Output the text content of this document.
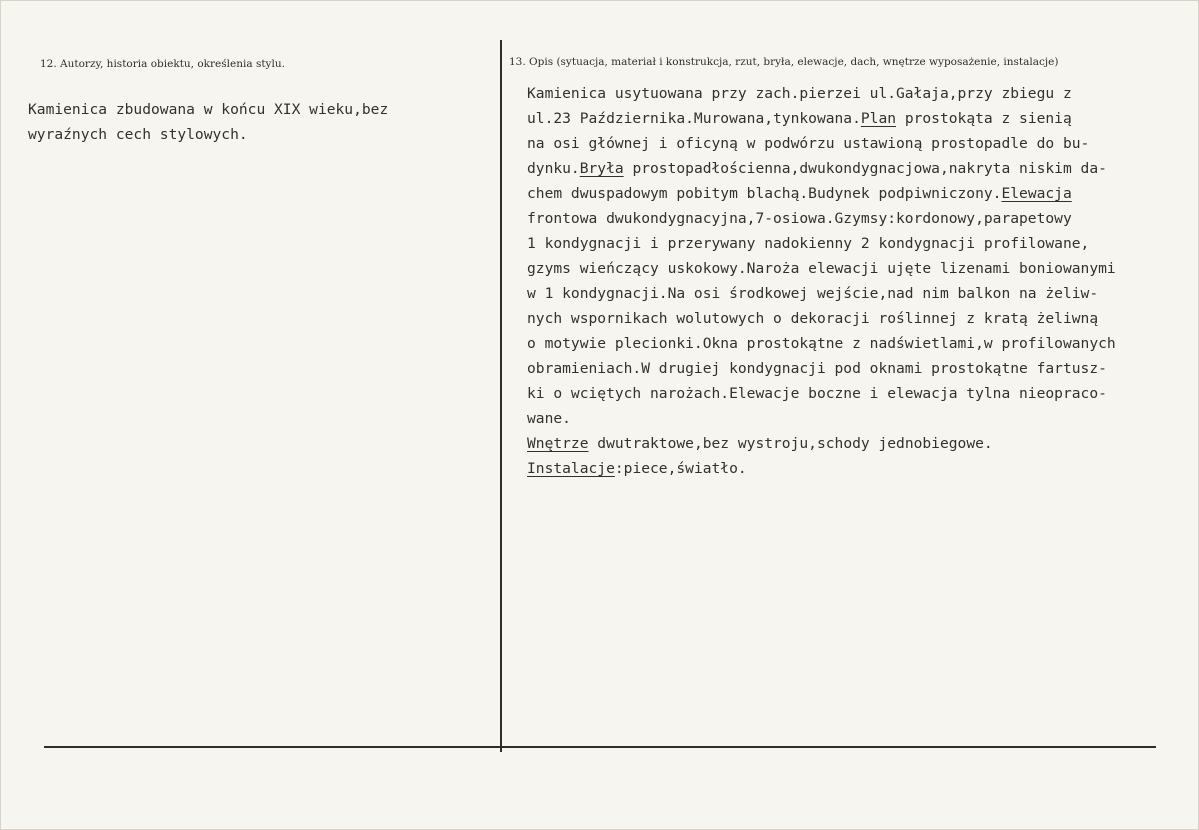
12. Autorzy, historia obiektu, określenia stylu.
Kamienica zbudowana w końcu XIX wieku,bez
wyraźnych cech stylowych.
13. Opis (sytuacja, materiał i konstrukcja, rzut, bryła, elewacje, dach, wnętrze wyposażenie, instalacje)
Kamienica usytuowana przy zach.pierzei ul.Gałaja,przy zbiegu z
ul.23 Października.Murowana,tynkowana.Plan prostokąta z sienią
na osi głównej i oficyną w podwórzu ustawioną prostopadle do bu-
dynku.Bryła prostopadłościenna,dwukondygnacjowa,nakryta niskim da-
chem dwuspadowym pobitym blachą.Budynek podpiwniczony.Elewacja
frontowa dwukondygnacyjna,7-osiowa.Gzymsy:kordonowy,parapetowy
1 kondygnacji i przerywany nadokienny 2 kondygnacji profilowane,
gzyms wieńczący uskokowy.Naroża elewacji ujęte lizenami boniowanymi
w 1 kondygnacji.Na osi środkowej wejście,nad nim balkon na żeliw-
nych wspornikach wolutowych o dekoracji roślinnej z kratą żeliwną
o motywie plecionki.Okna prostokątne z nadświetlami,w profilowanych
obramieniach.W drugiej kondygnacji pod oknami prostokątne fartusz-
ki o wciętych narożach.Elewacje boczne i elewacja tylna nieopraco-
wane.
Wnętrze dwutraktowe,bez wystroju,schody jednobiegowe.
Instalacje:piece,światło.
